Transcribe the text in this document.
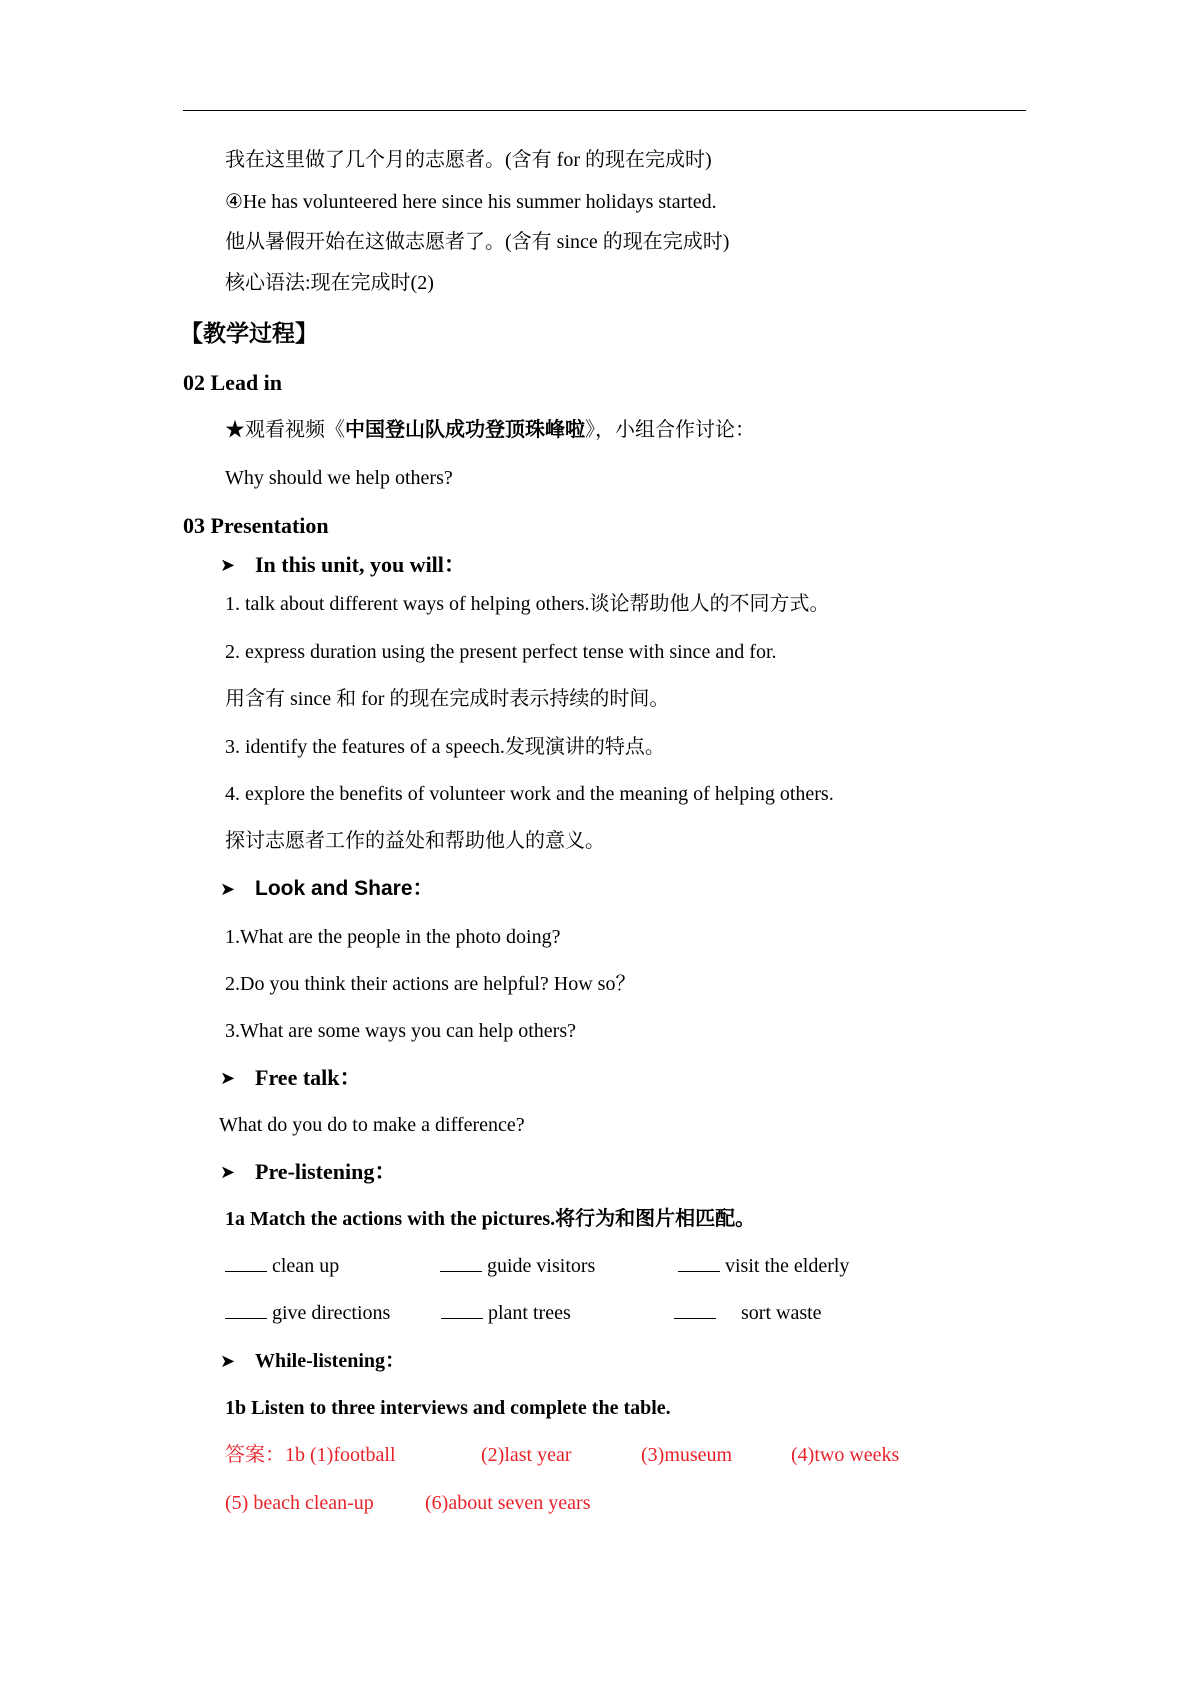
我在这里做了几个月的志愿者。(含有 for 的现在完成时)
④He has volunteered here since his summer holidays started.
他从暑假开始在这做志愿者了。(含有 since 的现在完成时)
核心语法:现在完成时(2)
【教学过程】
02 Lead in
★观看视频《中国登山队成功登顶珠峰啦》，小组合作讨论：
Why should we help others?
03 Presentation
➤ In this unit, you will：
1. talk about different ways of helping others.谈论帮助他人的不同方式。
2. express duration using the present perfect tense with since and for.
用含有 since 和 for 的现在完成时表示持续的时间。
3. identify the features of a speech.发现演讲的特点。
4. explore the benefits of volunteer work and the meaning of helping others.
探讨志愿者工作的益处和帮助他人的意义。
➤ Look and Share：
1.What are the people in the photo doing?
2.Do you think their actions are helpful? How so？
3.What are some ways you can help others?
➤ Free talk：
What do you do to make a difference?
➤ Pre-listening：
1a Match the actions with the pictures.将行为和图片相匹配。
clean up	guide visitors	visit the elderly
give directions	plant trees	sort waste
➤ While-listening：
1b Listen to three interviews and complete the table.
答案：1b (1)football	(2)last year	(3)museum	(4)two weeks
(5) beach clean-up	(6)about seven years
